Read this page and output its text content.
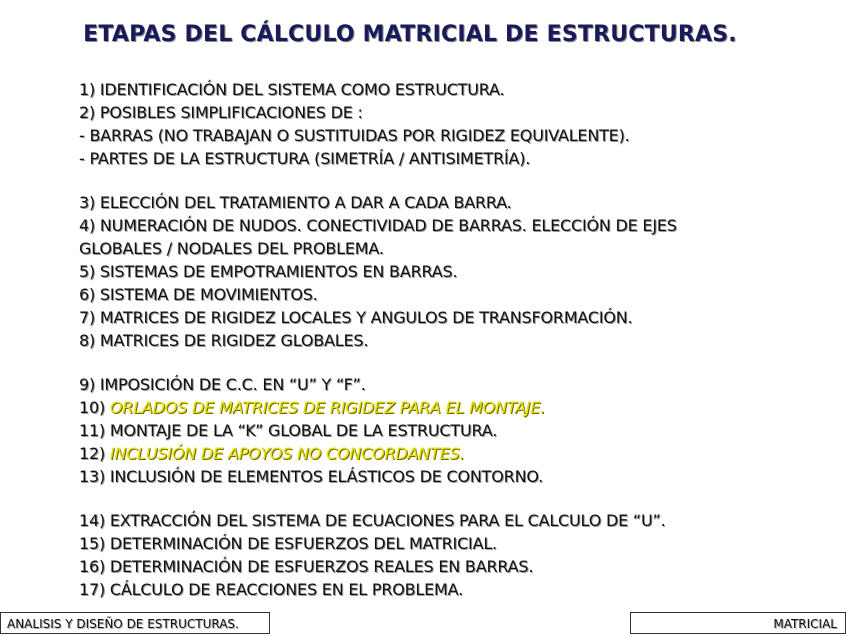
ETAPAS DEL CÁLCULO MATRICIAL DE ESTRUCTURAS.
1) IDENTIFICACIÓN DEL SISTEMA COMO ESTRUCTURA.
2) POSIBLES SIMPLIFICACIONES DE :
- BARRAS (NO TRABAJAN O SUSTITUIDAS POR RIGIDEZ EQUIVALENTE).
- PARTES DE LA ESTRUCTURA (SIMETRÍA / ANTISIMETRÍA).
3) ELECCIÓN DEL TRATAMIENTO A DAR A CADA BARRA.
4) NUMERACIÓN DE NUDOS. CONECTIVIDAD DE BARRAS. ELECCIÓN DE EJES
GLOBALES / NODALES DEL PROBLEMA.
5) SISTEMAS DE EMPOTRAMIENTOS EN BARRAS.
6) SISTEMA DE MOVIMIENTOS.
7) MATRICES DE RIGIDEZ LOCALES Y ANGULOS DE TRANSFORMACIÓN.
8) MATRICES DE RIGIDEZ GLOBALES.
9) IMPOSICIÓN DE C.C. EN “U” Y “F”.
10) ORLADOS DE MATRICES DE RIGIDEZ PARA EL MONTAJE.
11) MONTAJE DE LA “K” GLOBAL DE LA ESTRUCTURA.
12) INCLUSIÓN DE APOYOS NO CONCORDANTES.
13) INCLUSIÓN DE ELEMENTOS ELÁSTICOS DE CONTORNO.
14) EXTRACCIÓN DEL SISTEMA DE ECUACIONES PARA EL CALCULO DE “U”.
15) DETERMINACIÓN DE ESFUERZOS DEL MATRICIAL.
16) DETERMINACIÓN DE ESFUERZOS REALES EN BARRAS.
17) CÁLCULO DE REACCIONES EN EL PROBLEMA.
ANALISIS Y DISEÑO DE ESTRUCTURAS.	MATRICIAL
